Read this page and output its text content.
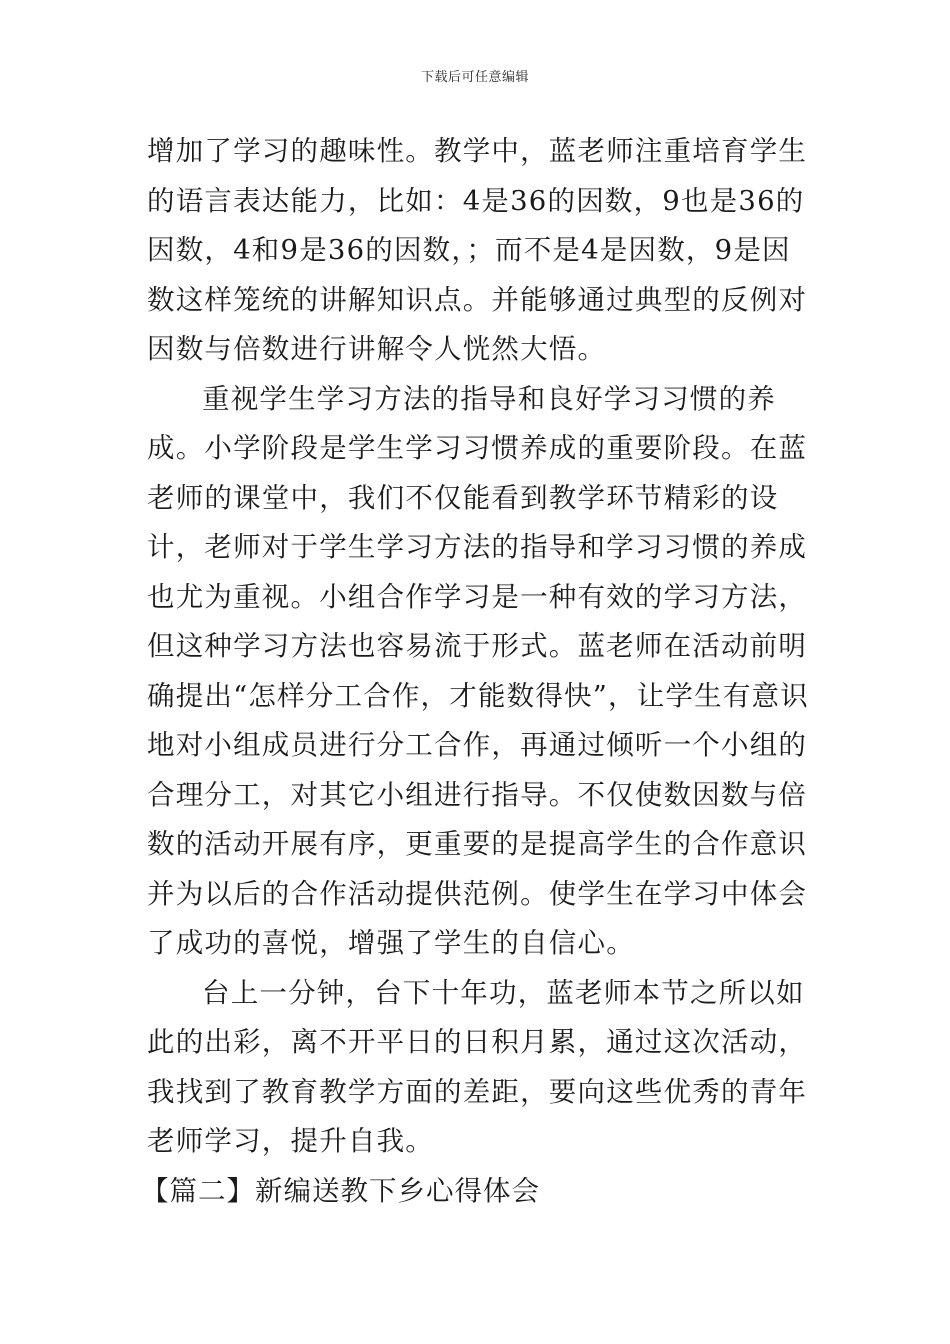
下载后可任意编辑

增加了学习的趣味性。教学中，蓝老师注重培育学生的语言表达能力，比如：4是36的因数，9也是36的因数，4和9是36的因数，；而不是4是因数，9是因数这样笼统的讲解知识点。并能够通过典型的反例对因数与倍数进行讲解令人恍然大悟。

重视学生学习方法的指导和良好学习习惯的养成。小学阶段是学生学习习惯养成的重要阶段。在蓝老师的课堂中，我们不仅能看到教学环节精彩的设计，老师对于学生学习方法的指导和学习习惯的养成也尤为重视。小组合作学习是一种有效的学习方法，但这种学习方法也容易流于形式。蓝老师在活动前明确提出“怎样分工合作，才能数得快”，让学生有意识地对小组成员进行分工合作，再通过倾听一个小组的合理分工，对其它小组进行指导。不仅使数因数与倍数的活动开展有序，更重要的是提高学生的合作意识并为以后的合作活动提供范例。使学生在学习中体会了成功的喜悦，增强了学生的自信心。

台上一分钟，台下十年功，蓝老师本节之所以如此的出彩，离不开平日的日积月累，通过这次活动，我找到了教育教学方面的差距，要向这些优秀的青年老师学习，提升自我。

【篇二】新编送教下乡心得体会
